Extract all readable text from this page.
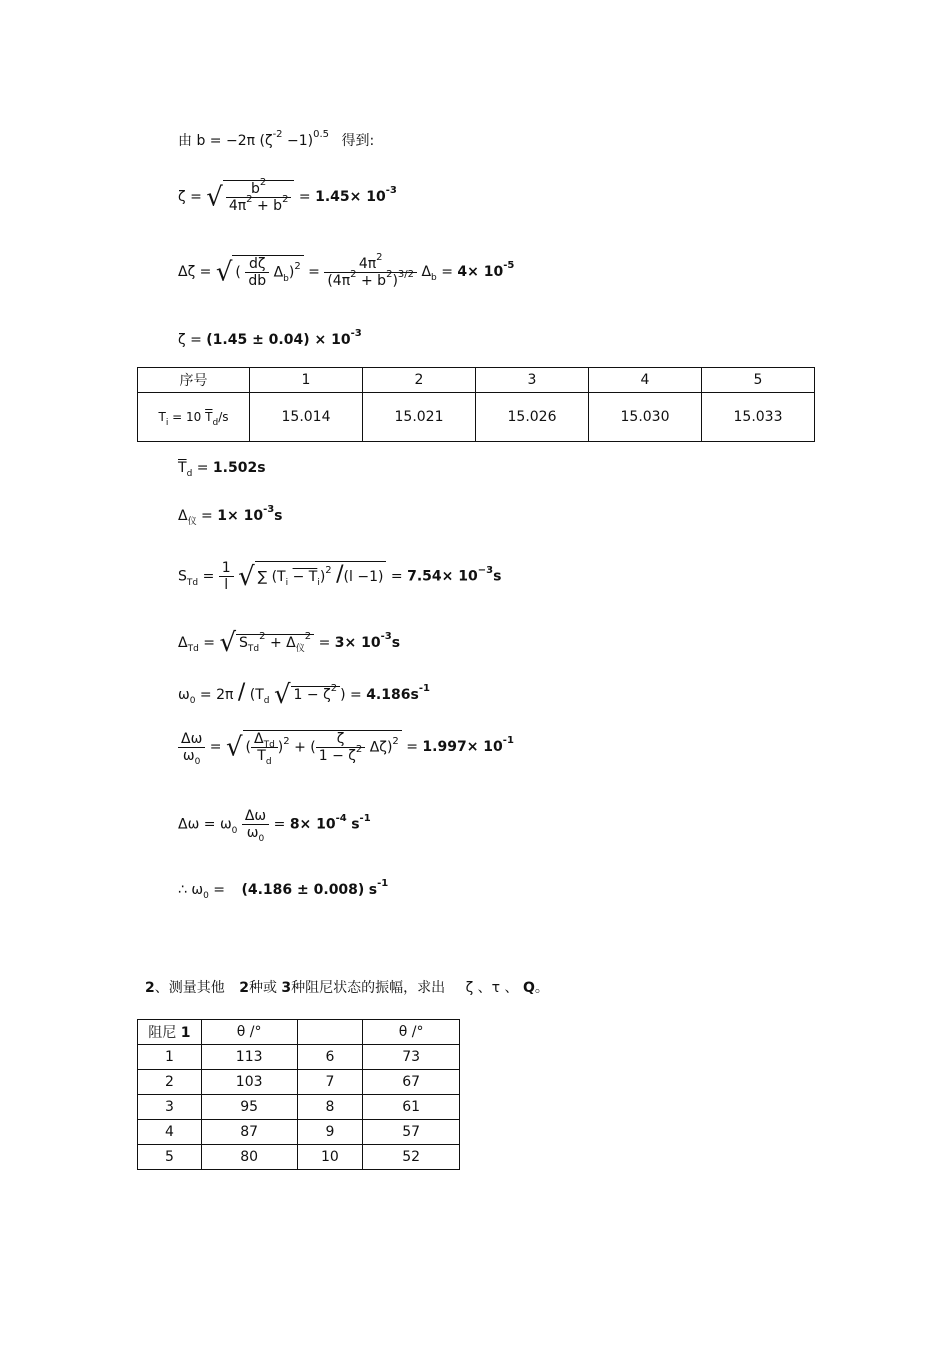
由 b = −2π $(\zeta^{-2} -1)^{0.5}$ 得到:
ζ = √ $\frac{b^2}{4\pi^2 + b^2} = 1.45\times 10^{-3}$
Δζ = √ ( $\frac{d\zeta}{db} \Delta_b)^2 = \frac{4\pi^2}{(4\pi^2 + b^2)^{3/2}} \Delta_b = 4\times 10^{-5}$
$\zeta = (1.45 \pm 0.04) \times 10^{-3}$
序号	1	2	3	4	5
$T_i = 10$ $\overline{T}_d/s$	15.014	15.021	15.026	15.030	15.033
$\overline{T}_d = 1.502s$
$\Delta_仪 = 1\times 10^{-3}s$
$S_{Td} = \frac{1}{l}$ √ ∑ $(T_i - T_i)^2$ $/(l -1) = 7.54\times 10^{-3}s$
$\Delta_{Td}$ = √ $S_{Td}^2 + \Delta_仪^2 = 3\times 10^{-3}s$
$\omega_0 = 2\pi / (T_d$ √ $1 - \zeta^2$ ) = $4.186s^{-1}$
$\frac{\Delta\omega}{\omega_0}$ = √( $\frac{\Delta_{Td}}{T_d} )^2$ + ( $\frac{\zeta}{1 - \zeta^2} \Delta\zeta)^2 = 1.997\times 10^{-1}$
$\Delta\omega = \omega_0 \frac{\Delta\omega}{\omega_0} = 8\times 10^{-4}$ $s^{-1}$
∴ $\omega_0 = (4.186 \pm 0.008)$ $s^{-1}$
2、测量其他 2种或 3种阻尼状态的振幅，求出 ζ 、τ 、 Q。
阻尼 1	θ /°		θ /°
1	113	6	73
2	103	7	67
3	95	8	61
4	87	9	57
5	80	10	52
